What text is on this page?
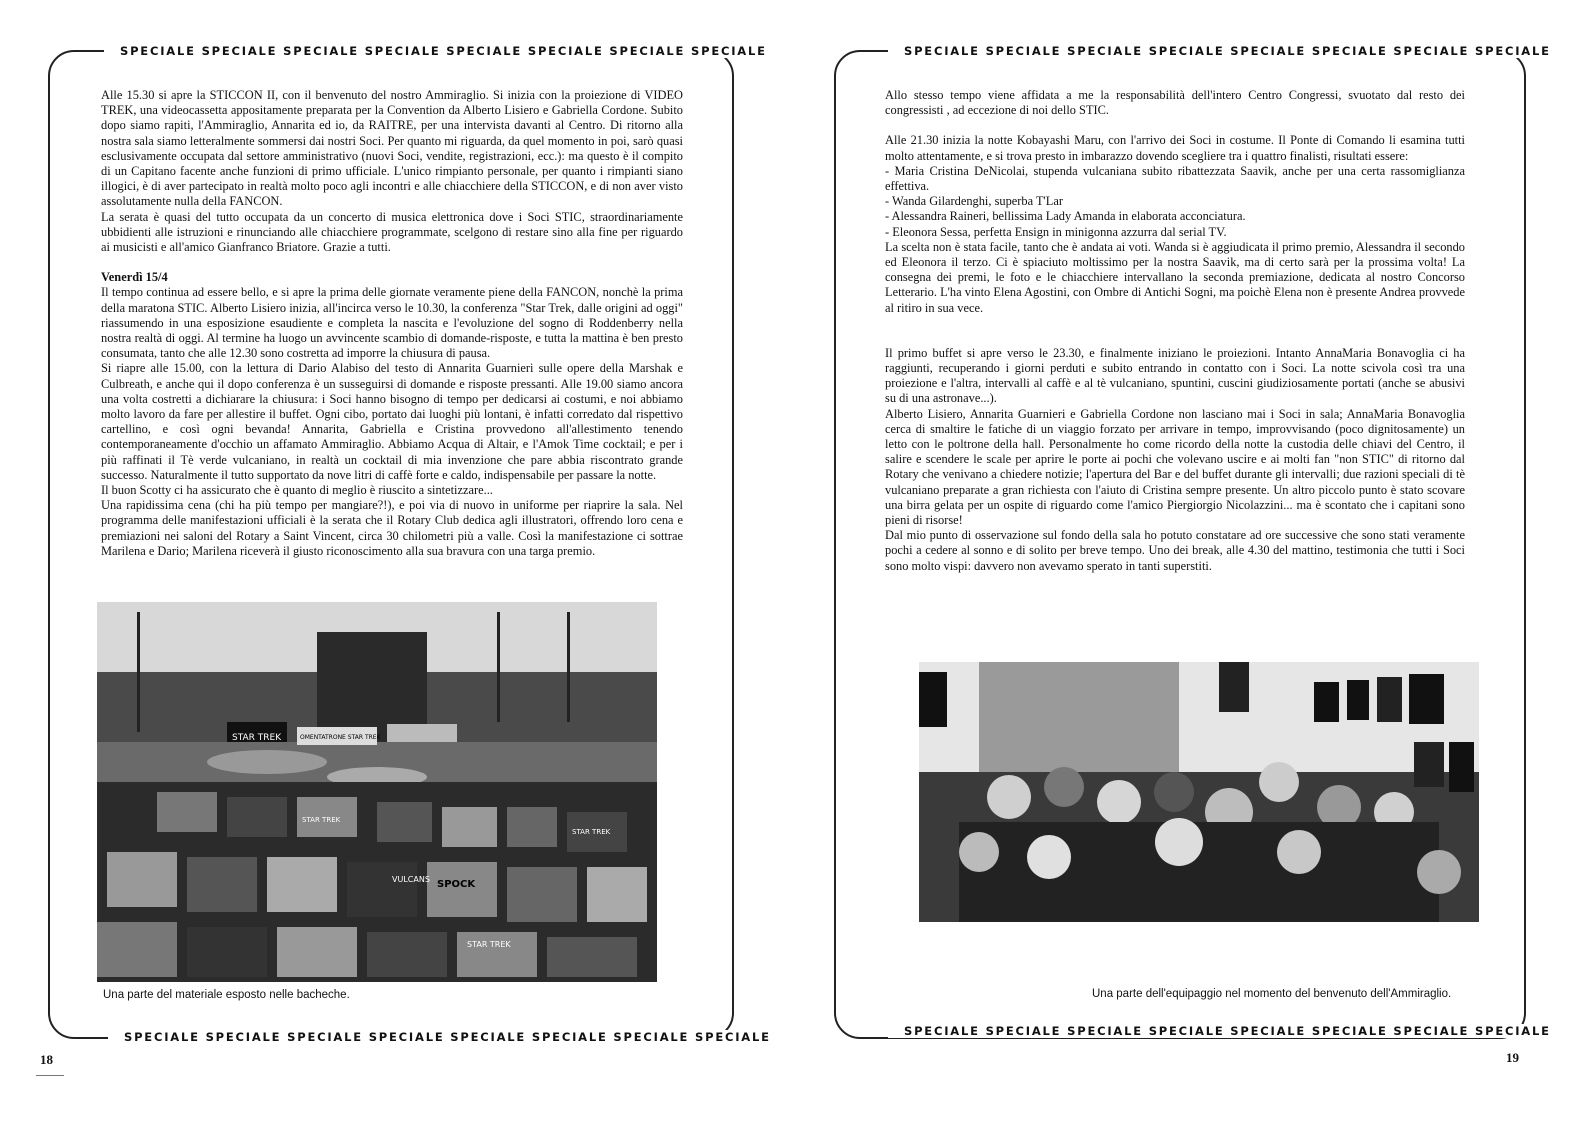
SPECIALE SPECIALE SPECIALE SPECIALE SPECIALE SPECIALE SPECIALE SPECIALE
SPECIALE SPECIALE SPECIALE SPECIALE SPECIALE SPECIALE SPECIALE SPECIALE

Alle 15.30 si apre la STICCON II, con il benvenuto del nostro Ammiraglio. Si inizia con la proiezione di VIDEO TREK, una videocassetta appositamente preparata per la Convention da Alberto Lisiero e Gabriella Cordone. Subito dopo siamo rapiti, l'Ammiraglio, Annarita ed io, da RAITRE, per una intervista davanti al Centro. Di ritorno alla nostra sala siamo letteralmente sommersi dai nostri Soci. Per quanto mi riguarda, da quel momento in poi, sarò quasi esclusivamente occupata dal settore amministrativo (nuovi Soci, vendite, registrazioni, ecc.): ma questo è il compito di un Capitano facente anche funzioni di primo ufficiale. L'unico rimpianto personale, per quanto i rimpianti siano illogici, è di aver partecipato in realtà molto poco agli incontri e alle chiacchiere della STICCON, e di non aver visto assolutamente nulla della FANCON.

La serata è quasi del tutto occupata da un concerto di musica elettronica dove i Soci STIC, straordinariamente ubbidienti alle istruzioni e rinunciando alle chiacchiere programmate, scelgono di restare sino alla fine per riguardo ai musicisti e all'amico Gianfranco Briatore. Grazie a tutti.

Venerdì 15/4

Il tempo continua ad essere bello, e si apre la prima delle giornate veramente piene della FANCON, nonchè la prima della maratona STIC. Alberto Lisiero inizia, all'incirca verso le 10.30, la conferenza "Star Trek, dalle origini ad oggi" riassumendo in una esposizione esaudiente e completa la nascita e l'evoluzione del sogno di Roddenberry nella nostra realtà di oggi. Al termine ha luogo un avvincente scambio di domande-risposte, e tutta la mattina è ben presto consumata, tanto che alle 12.30 sono costretta ad imporre la chiusura di pausa.

Si riapre alle 15.00, con la lettura di Dario Alabiso del testo di Annarita Guarnieri sulle opere della Marshak e Culbreath, e anche qui il dopo conferenza è un susseguirsi di domande e risposte pressanti. Alle 19.00 siamo ancora una volta costretti a dichiarare la chiusura: i Soci hanno bisogno di tempo per dedicarsi ai costumi, e noi abbiamo molto lavoro da fare per allestire il buffet. Ogni cibo, portato dai luoghi più lontani, è infatti corredato dal rispettivo cartellino, e così ogni bevanda! Annarita, Gabriella e Cristina provvedono all'allestimento tenendo contemporaneamente d'occhio un affamato Ammiraglio. Abbiamo Acqua di Altair, e l'Amok Time cocktail; e per i più raffinati il Tè verde vulcaniano, in realtà un cocktail di mia invenzione che pare abbia riscontrato grande successo. Naturalmente il tutto supportato da nove litri di caffè forte e caldo, indispensabile per passare la notte.

Il buon Scotty ci ha assicurato che è quanto di meglio è riuscito a sintetizzare...

Una rapidissima cena (chi ha più tempo per mangiare?!), e poi via di nuovo in uniforme per riaprire la sala. Nel programma delle manifestazioni ufficiali è la serata che il Rotary Club dedica agli illustratori, offrendo loro cena e premiazioni nei saloni del Rotary a Saint Vincent, circa 30 chilometri più a valle. Così la manifestazione ci sottrae Marilena e Dario; Marilena riceverà il giusto riconoscimento alla sua bravura con una targa premio.

STAR TREK	OMENTATRONE STAR TREK
STAR TREK
STAR TREK
VULCANS SPOCK
STAR TREK
Una parte del materiale esposto nelle bacheche.
18
SPECIALE SPECIALE SPECIALE SPECIALE SPECIALE SPECIALE SPECIALE SPECIALE
SPECIALE SPECIALE SPECIALE SPECIALE SPECIALE SPECIALE SPECIALE SPECIALE

Allo stesso tempo viene affidata a me la responsabilità dell'intero Centro Congressi, svuotato dal resto dei congressisti , ad eccezione di noi dello STIC.

Alle 21.30 inizia la notte Kobayashi Maru, con l'arrivo dei Soci in costume. Il Ponte di Comando li esamina tutti molto attentamente, e si trova presto in imbarazzo dovendo scegliere tra i quattro finalisti, risultati essere:

- Maria Cristina DeNicolai, stupenda vulcaniana subito ribattezzata Saavik, anche per una certa rassomiglianza effettiva.

- Wanda Gilardenghi, superba T'Lar

- Alessandra Raineri, bellissima Lady Amanda in elaborata acconciatura.

- Eleonora Sessa, perfetta Ensign in minigonna azzurra dal serial TV.

La scelta non è stata facile, tanto che è andata ai voti. Wanda si è aggiudicata il primo premio, Alessandra il secondo ed Eleonora il terzo. Ci è spiaciuto moltissimo per la nostra Saavik, ma di certo sarà per la prossima volta! La consegna dei premi, le foto e le chiacchiere intervallano la seconda premiazione, dedicata al nostro Concorso Letterario. L'ha vinto Elena Agostini, con Ombre di Antichi Sogni, ma poichè Elena non è presente Andrea provvede al ritiro in sua vece.

Il primo buffet si apre verso le 23.30, e finalmente iniziano le proiezioni. Intanto AnnaMaria Bonavoglia ci ha raggiunti, recuperando i giorni perduti e subito entrando in contatto con i Soci. La notte scivola così tra una proiezione e l'altra, intervalli al caffè e al tè vulcaniano, spuntini, cuscini giudiziosamente portati (anche se abusivi su di una astronave...).

Alberto Lisiero, Annarita Guarnieri e Gabriella Cordone non lasciano mai i Soci in sala; AnnaMaria Bonavoglia cerca di smaltire le fatiche di un viaggio forzato per arrivare in tempo, improvvisando (poco dignitosamente) un letto con le poltrone della hall. Personalmente ho come ricordo della notte la custodia delle chiavi del Centro, il salire e scendere le scale per aprire le porte ai pochi che volevano uscire e ai molti fan "non STIC" di ritorno dal Rotary che venivano a chiedere notizie; l'apertura del Bar e del buffet durante gli intervalli; due razioni speciali di tè vulcaniano preparate a gran richiesta con l'aiuto di Cristina sempre presente. Un altro piccolo punto è stato scovare una birra gelata per un ospite di riguardo come l'amico Piergiorgio Nicolazzini... ma è scontato che i capitani sono pieni di risorse!

Dal mio punto di osservazione sul fondo della sala ho potuto constatare ad ore successive che sono stati veramente pochi a cedere al sonno e di solito per breve tempo. Uno dei break, alle 4.30 del mattino, testimonia che tutti i Soci sono molto vispi: davvero non avevamo sperato in tanti superstiti.

Una parte dell'equipaggio nel momento del benvenuto dell'Ammiraglio.
19
